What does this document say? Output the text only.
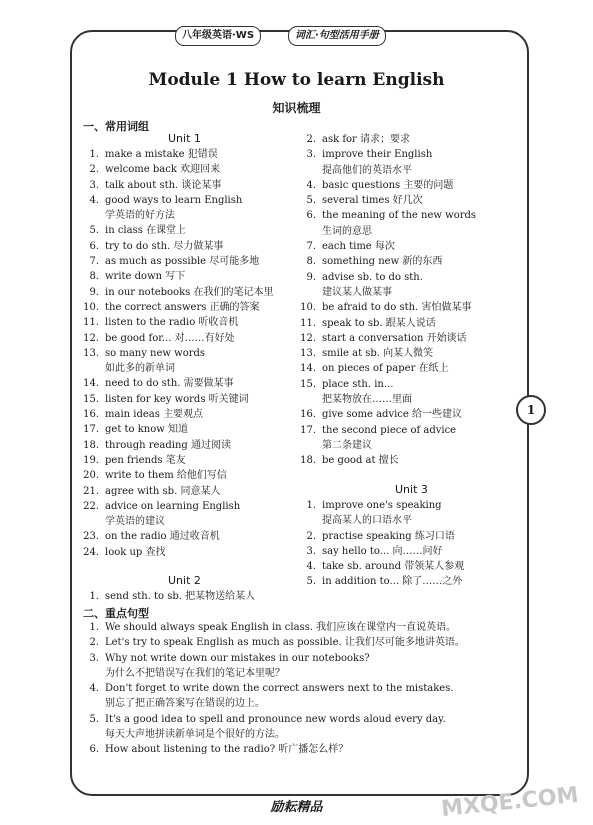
八年级英语·WS	词汇·句型活用手册
Module 1 How to learn English
知识梳理
一、常用词组
Unit 1
1. make a mistake 犯错误
2. welcome back 欢迎回来
3. talk about sth. 谈论某事
4. good ways to learn English
学英语的好方法
5. in class 在课堂上
6. try to do sth. 尽力做某事
7. as much as possible 尽可能多地
8. write down 写下
9. in our notebooks 在我们的笔记本里
10. the correct answers 正确的答案
11. listen to the radio 听收音机
12. be good for... 对……有好处
13. so many new words
如此多的新单词
14. need to do sth. 需要做某事
15. listen for key words 听关键词
16. main ideas 主要观点
17. get to know 知道
18. through reading 通过阅读
19. pen friends 笔友
20. write to them 给他们写信
21. agree with sb. 同意某人
22. advice on learning English
学英语的建议
23. on the radio 通过收音机
24. look up 查找
Unit 2
1. send sth. to sb. 把某物送给某人
2. ask for 请求；要求
3. improve their English
提高他们的英语水平
4. basic questions 主要的问题
5. several times 好几次
6. the meaning of the new words
生词的意思
7. each time 每次
8. something new 新的东西
9. advise sb. to do sth.
建议某人做某事
10. be afraid to do sth. 害怕做某事
11. speak to sb. 跟某人说话
12. start a conversation 开始谈话
13. smile at sb. 向某人微笑
14. on pieces of paper 在纸上
15. place sth. in...
把某物放在……里面
16. give some advice 给一些建议
17. the second piece of advice
第二条建议
18. be good at 擅长
Unit 3
1. improve one's speaking
提高某人的口语水平
2. practise speaking 练习口语
3. say hello to... 向……问好
4. take sb. around 带领某人参观
5. in addition to... 除了……之外
二、重点句型
1. We should always speak English in class. 我们应该在课堂内一直说英语。
2. Let's try to speak English as much as possible. 让我们尽可能多地讲英语。
3. Why not write down our mistakes in our notebooks?
为什么不把错误写在我们的笔记本里呢？
4. Don't forget to write down the correct answers next to the mistakes.
别忘了把正确答案写在错误的边上。
5. It's a good idea to spell and pronounce new words aloud every day.
每天大声地拼读新单词是个很好的方法。
6. How about listening to the radio? 听广播怎么样？
1
励耘精品	MXQE.COM
